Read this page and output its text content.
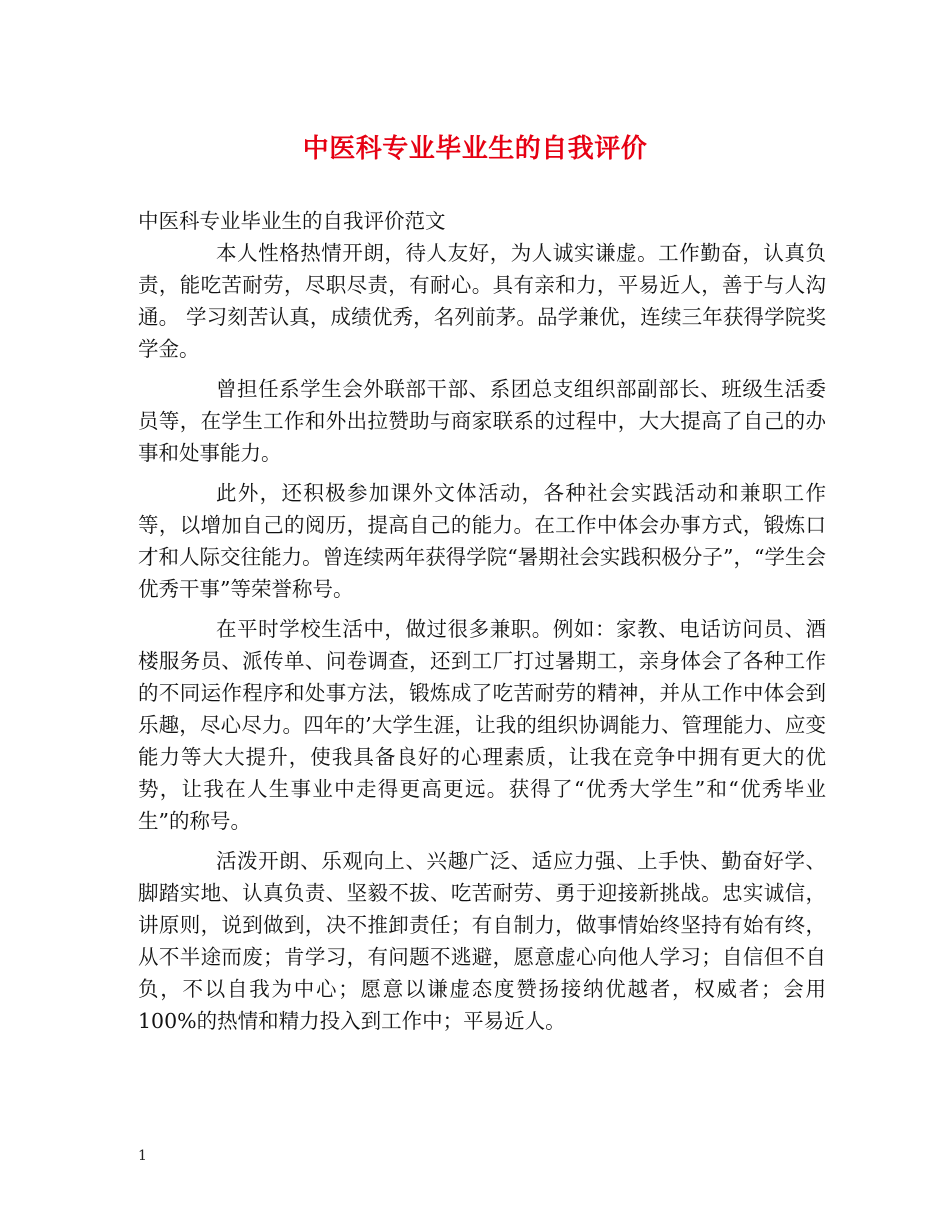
中医科专业毕业生的自我评价

中医科专业毕业生的自我评价范文

本人性格热情开朗，待人友好，为人诚实谦虚。工作勤奋，认真负责，能吃苦耐劳，尽职尽责，有耐心。具有亲和力，平易近人，善于与人沟通。 学习刻苦认真，成绩优秀，名列前茅。品学兼优，连续三年获得学院奖学金。

曾担任系学生会外联部干部、系团总支组织部副部长、班级生活委员等，在学生工作和外出拉赞助与商家联系的过程中，大大提高了自己的办事和处事能力。

此外，还积极参加课外文体活动，各种社会实践活动和兼职工作等，以增加自己的阅历，提高自己的能力。在工作中体会办事方式，锻炼口才和人际交往能力。曾连续两年获得学院“暑期社会实践积极分子”，“学生会优秀干事”等荣誉称号。

在平时学校生活中，做过很多兼职。例如：家教、电话访问员、酒楼服务员、派传单、问卷调查，还到工厂打过暑期工，亲身体会了各种工作的不同运作程序和处事方法，锻炼成了吃苦耐劳的精神，并从工作中体会到乐趣，尽心尽力。四年的’大学生涯，让我的组织协调能力、管理能力、应变能力等大大提升，使我具备良好的心理素质，让我在竞争中拥有更大的优势，让我在人生事业中走得更高更远。获得了“优秀大学生”和“优秀毕业生”的称号。

活泼开朗、乐观向上、兴趣广泛、适应力强、上手快、勤奋好学、脚踏实地、认真负责、坚毅不拔、吃苦耐劳、勇于迎接新挑战。忠实诚信，讲原则，说到做到，决不推卸责任；有自制力，做事情始终坚持有始有终，从不半途而废；肯学习，有问题不逃避，愿意虚心向他人学习；自信但不自负，不以自我为中心；愿意以谦虚态度赞扬接纳优越者，权威者；会用100%的热情和精力投入到工作中；平易近人。

1
